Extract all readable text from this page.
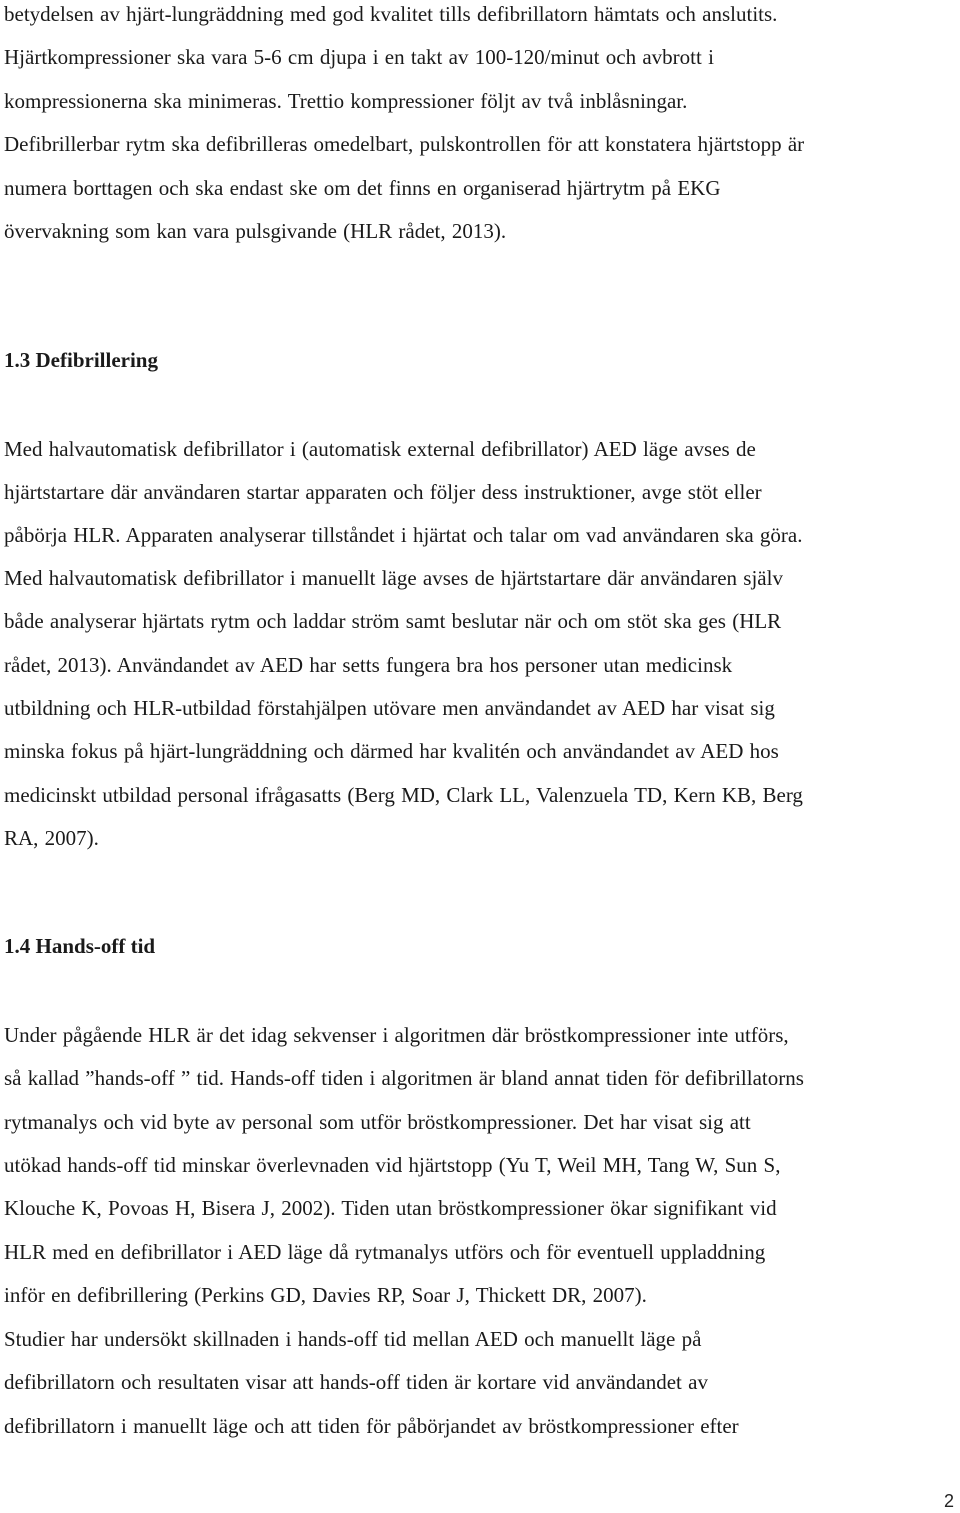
betydelsen av hjärt-lungräddning med god kvalitet tills defibrillatorn hämtats och anslutits.

Hjärtkompressioner ska vara 5-6 cm djupa i en takt av 100-120/minut och avbrott i

kompressionerna ska minimeras. Trettio kompressioner följt av två inblåsningar.

Defibrillerbar rytm ska defibrilleras omedelbart, pulskontrollen för att konstatera hjärtstopp är

numera borttagen och ska endast ske om det finns en organiserad hjärtrytm på EKG

övervakning som kan vara pulsgivande (HLR rådet, 2013).

1.3 Defibrillering

Med halvautomatisk defibrillator i (automatisk external defibrillator) AED läge avses de

hjärtstartare där användaren startar apparaten och följer dess instruktioner, avge stöt eller

påbörja HLR. Apparaten analyserar tillståndet i hjärtat och talar om vad användaren ska göra.

Med halvautomatisk defibrillator i manuellt läge avses de hjärtstartare där användaren själv

både analyserar hjärtats rytm och laddar ström samt beslutar när och om stöt ska ges (HLR

rådet, 2013). Användandet av AED har setts fungera bra hos personer utan medicinsk

utbildning och HLR-utbildad förstahjälpen utövare men användandet av AED har visat sig

minska fokus på hjärt-lungräddning och därmed har kvalitén och användandet av AED hos

medicinskt utbildad personal ifrågasatts (Berg MD, Clark LL, Valenzuela TD, Kern KB, Berg

RA, 2007).

1.4 Hands-off tid

Under pågående HLR är det idag sekvenser i algoritmen där bröstkompressioner inte utförs,

så kallad ”hands-off ” tid. Hands-off tiden i algoritmen är bland annat tiden för defibrillatorns

rytmanalys och vid byte av personal som utför bröstkompressioner. Det har visat sig att

utökad hands-off tid minskar överlevnaden vid hjärtstopp (Yu T, Weil MH, Tang W, Sun S,

Klouche K, Povoas H, Bisera J, 2002). Tiden utan bröstkompressioner ökar signifikant vid

HLR med en defibrillator i AED läge då rytmanalys utförs och för eventuell uppladdning

inför en defibrillering (Perkins GD, Davies RP, Soar J, Thickett DR, 2007).

Studier har undersökt skillnaden i hands-off tid mellan AED och manuellt läge på

defibrillatorn och resultaten visar att hands-off tiden är kortare vid användandet av

defibrillatorn i manuellt läge och att tiden för påbörjandet av bröstkompressioner efter

2
